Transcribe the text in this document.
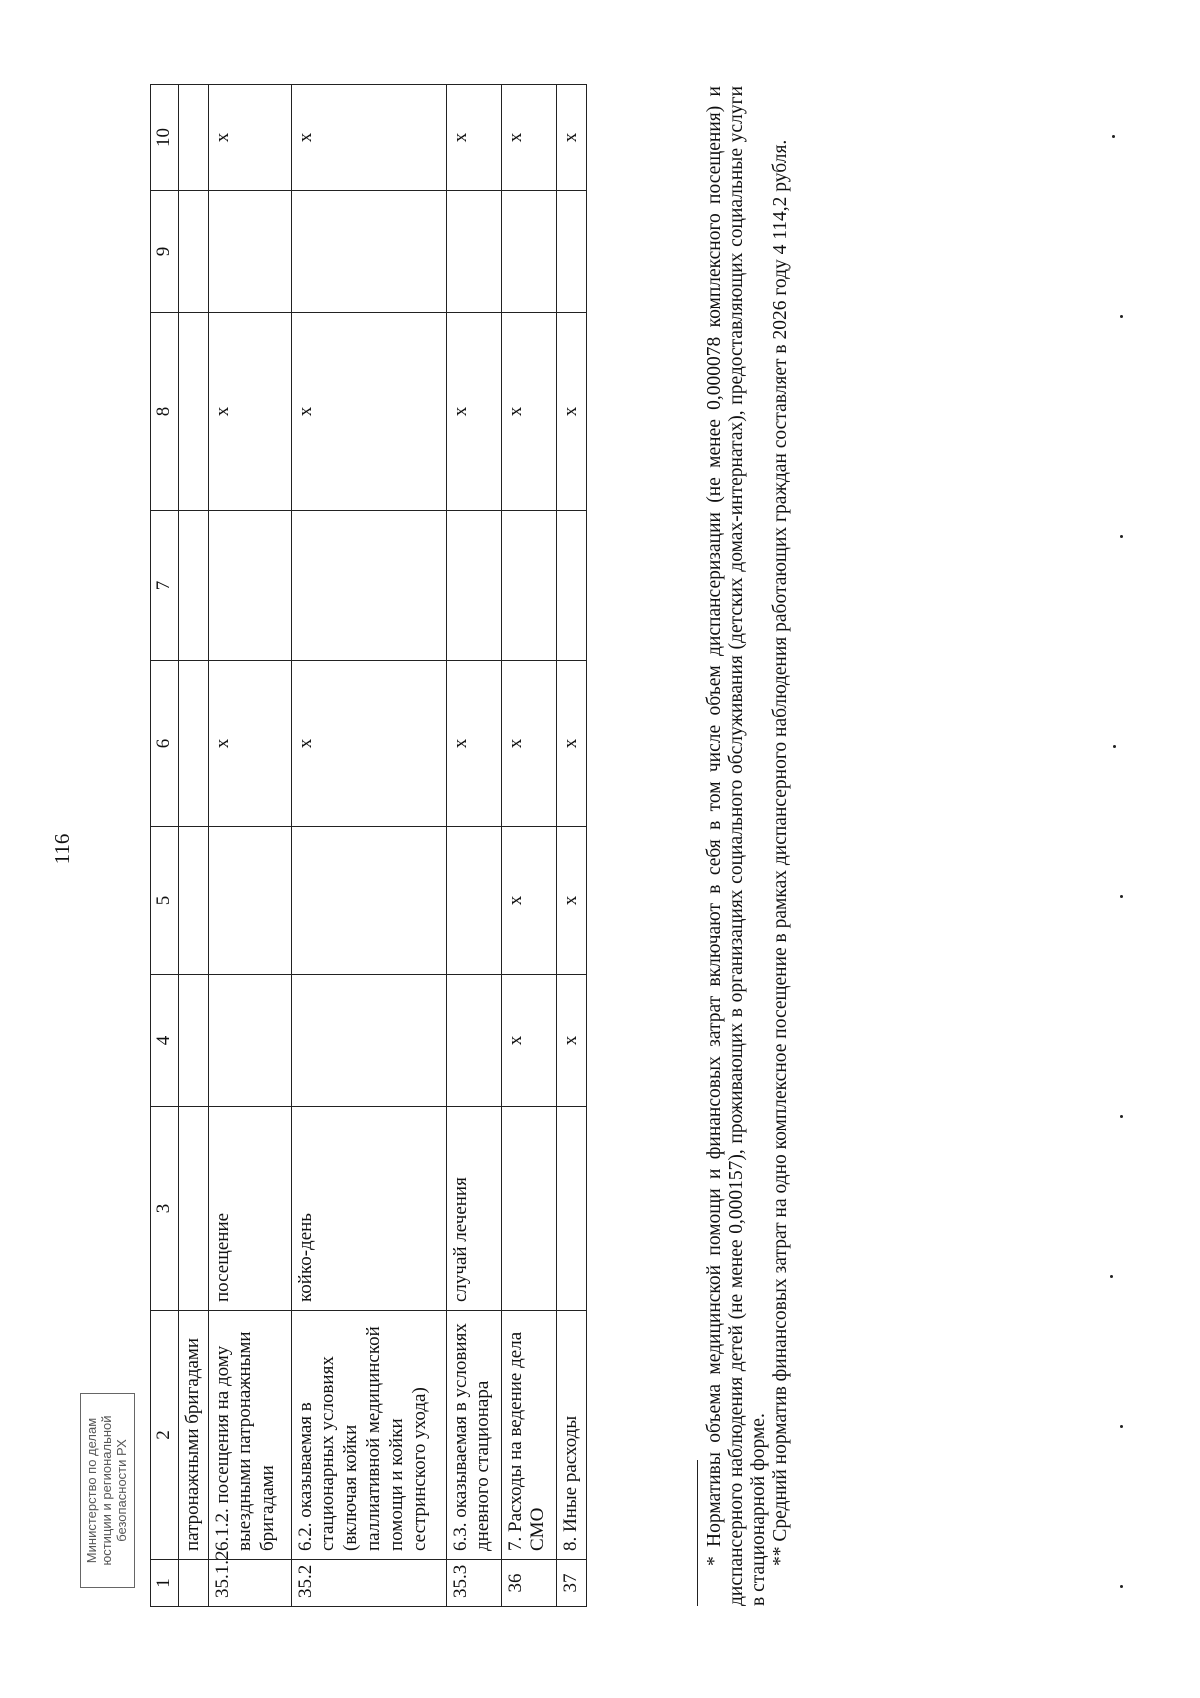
116
1	2	3	4	5	6	7	8	9	10
	патронажными бригадами								
35.1.2	6.1.2. посещения на дому выездными патронажными бригадами	посещение			x		x		x
35.2	6.2. оказываемая в стационарных условиях (включая койки паллиативной медицинской помощи и койки сестринского ухода)	койко-день			x		x		x
35.3	6.3. оказываемая в условиях дневного стационара	случай лечения			x		x		x
36	7. Расходы на ведение дела СМО		x	x	x		x		x
37	8. Иные расходы		x	x	x		x		x	* Нормативы объема медицинской помощи и финансовых затрат включают в себя в том числе объем диспансеризации (не менее 0,000078 комплексного посещения) и диспансерного наблюдения детей (не менее 0,000157), проживающих в организациях социального обслуживания (детских домах-интернатах), предоставляющих социальные услуги в стационарной форме. ** Средний норматив финансовых затрат на одно комплексное посещение в рамках диспансерного наблюдения работающих граждан составляет в 2026 году 4 114,2 рубля.

Министерство по делам юстиции и региональной безопасности РХ
